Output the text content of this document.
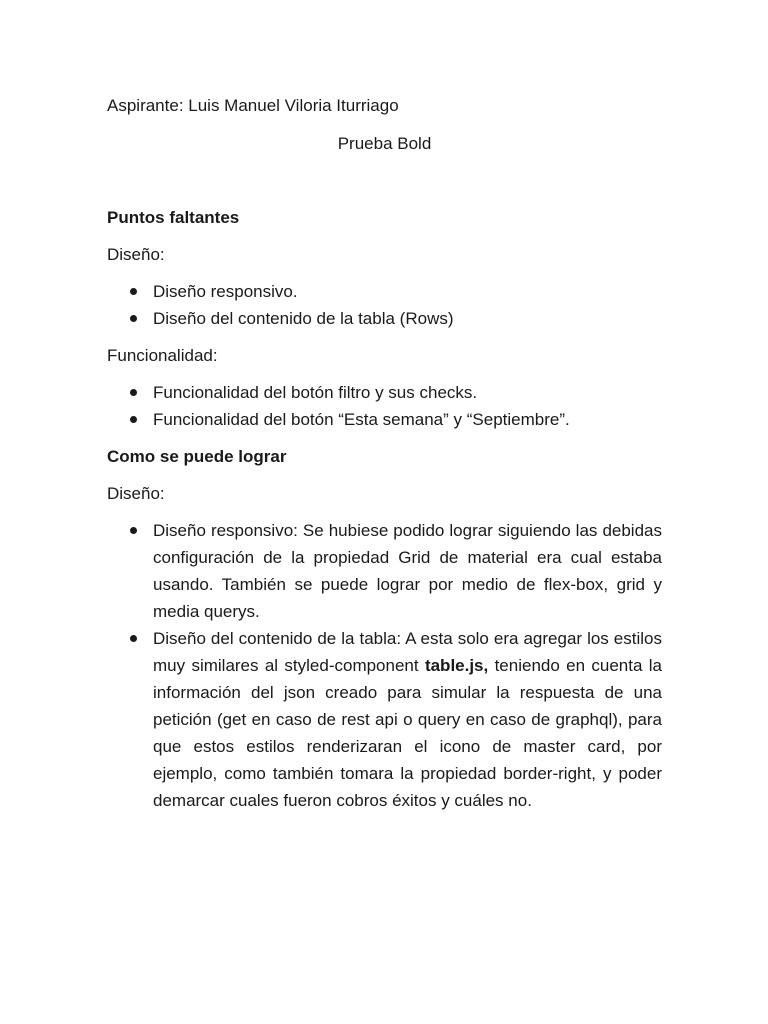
Aspirante: Luis Manuel Viloria Iturriago

Prueba Bold

Puntos faltantes

Diseño:

Diseño responsivo.
Diseño del contenido de la tabla (Rows)

Funcionalidad:

Funcionalidad del botón filtro y sus checks.
Funcionalidad del botón “Esta semana” y “Septiembre”.

Como se puede lograr

Diseño:

Diseño responsivo: Se hubiese podido lograr siguiendo las debidas configuración de la propiedad Grid de material era cual estaba usando. También se puede lograr por medio de flex-box, grid y media querys.
Diseño del contenido de la tabla: A esta solo era agregar los estilos muy similares al styled-component table.js, teniendo en cuenta la información del json creado para simular la respuesta de una petición (get en caso de rest api o query en caso de graphql), para que estos estilos renderizaran el icono de master card, por ejemplo, como también tomara la propiedad border-right, y poder demarcar cuales fueron cobros éxitos y cuáles no.
